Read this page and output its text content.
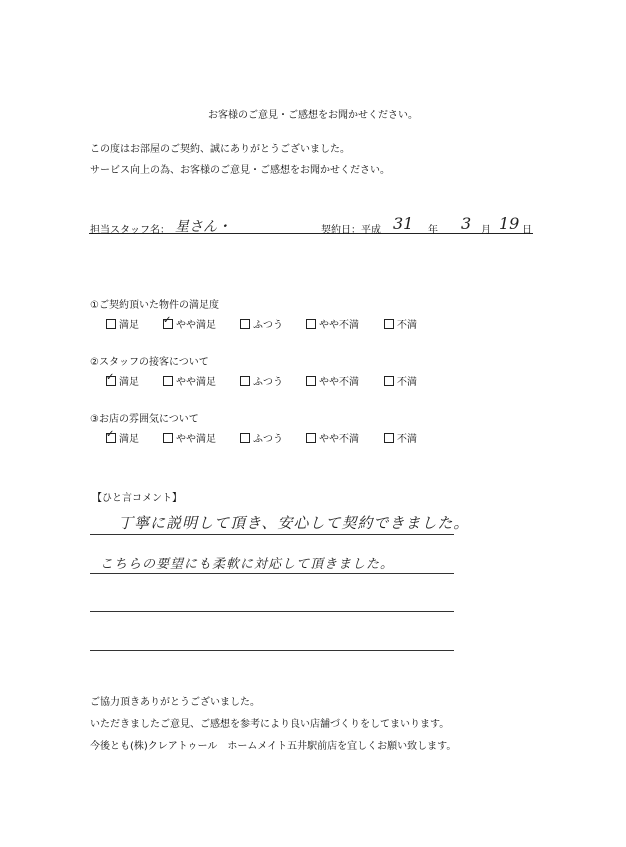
お客様のご意見・ご感想をお聞かせください。
この度はお部屋のご契約、誠にありがとうございました。
サービス向上の為、お客様のご意見・ご感想をお聞かせください。
担当スタッフ名： 星さん・	契約日：平成 31 年 3 月 19 日
①ご契約頂いた物件の満足度
満足
✓	やや満足	ふつう	やや不満	不満
②スタッフの接客について
✓
満足	やや満足	ふつう	やや不満	不満
③お店の雰囲気について
✓
満足	やや満足	ふつう	やや不満	不満
【ひと言コメント】
丁寧に説明して頂き、安心して契約できました。
こちらの要望にも柔軟に対応して頂きました。
ご協力頂きありがとうございました。
いただきましたご意見、ご感想を参考により良い店舗づくりをしてまいります。
今後とも(株)クレアトゥール　ホームメイト五井駅前店を宜しくお願い致します。
